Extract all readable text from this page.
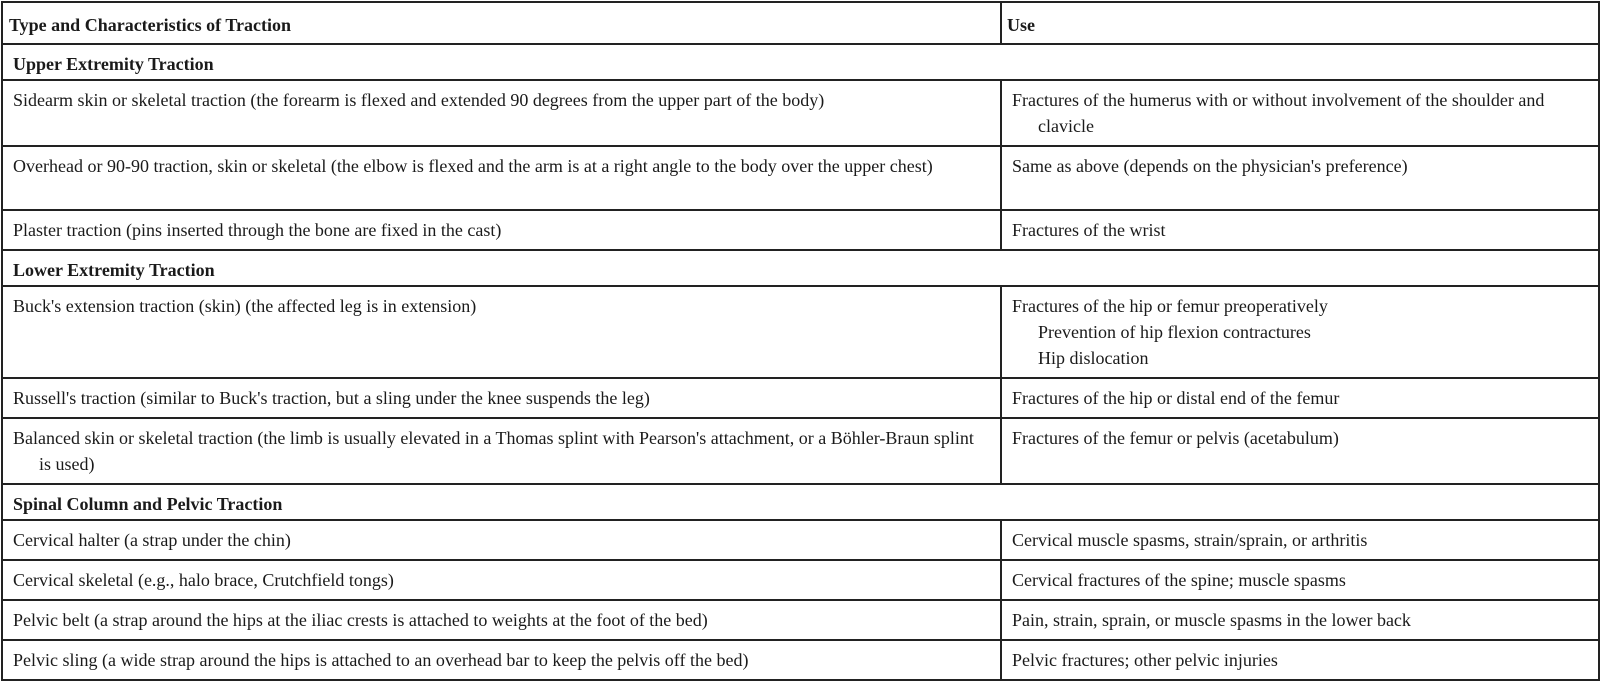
Type and Characteristics of Traction	Use
Upper Extremity Traction	

Sidearm skin or skeletal traction (the forearm is flexed and extended 90 degrees from the upper part of the body)	Fractures of the humerus with or without involvement of the shoulder and clavicle

Overhead or 90-90 traction, skin or skeletal (the elbow is flexed and the arm is at a right angle to the body over the upper chest)	Same as above (depends on the physician's preference)

Plaster traction (pins inserted through the bone are fixed in the cast)	Fractures of the wrist

Lower Extremity Traction	

Buck's extension traction (skin) (the affected leg is in extension)	Fractures of the hip or femur preoperatively
Prevention of hip flexion contractures
Hip dislocation

Russell's traction (similar to Buck's traction, but a sling under the knee suspends the leg)	Fractures of the hip or distal end of the femur

Balanced skin or skeletal traction (the limb is usually elevated in a Thomas splint with Pearson's attachment, or a Böhler-Braun splint is used)	Fractures of the femur or pelvis (acetabulum)

Spinal Column and Pelvic Traction	

Cervical halter (a strap under the chin)	Cervical muscle spasms, strain/sprain, or arthritis

Cervical skeletal (e.g., halo brace, Crutchfield tongs)	Cervical fractures of the spine; muscle spasms

Pelvic belt (a strap around the hips at the iliac crests is attached to weights at the foot of the bed)	Pain, strain, sprain, or muscle spasms in the lower back

Pelvic sling (a wide strap around the hips is attached to an overhead bar to keep the pelvis off the bed)	Pelvic fractures; other pelvic injuries
